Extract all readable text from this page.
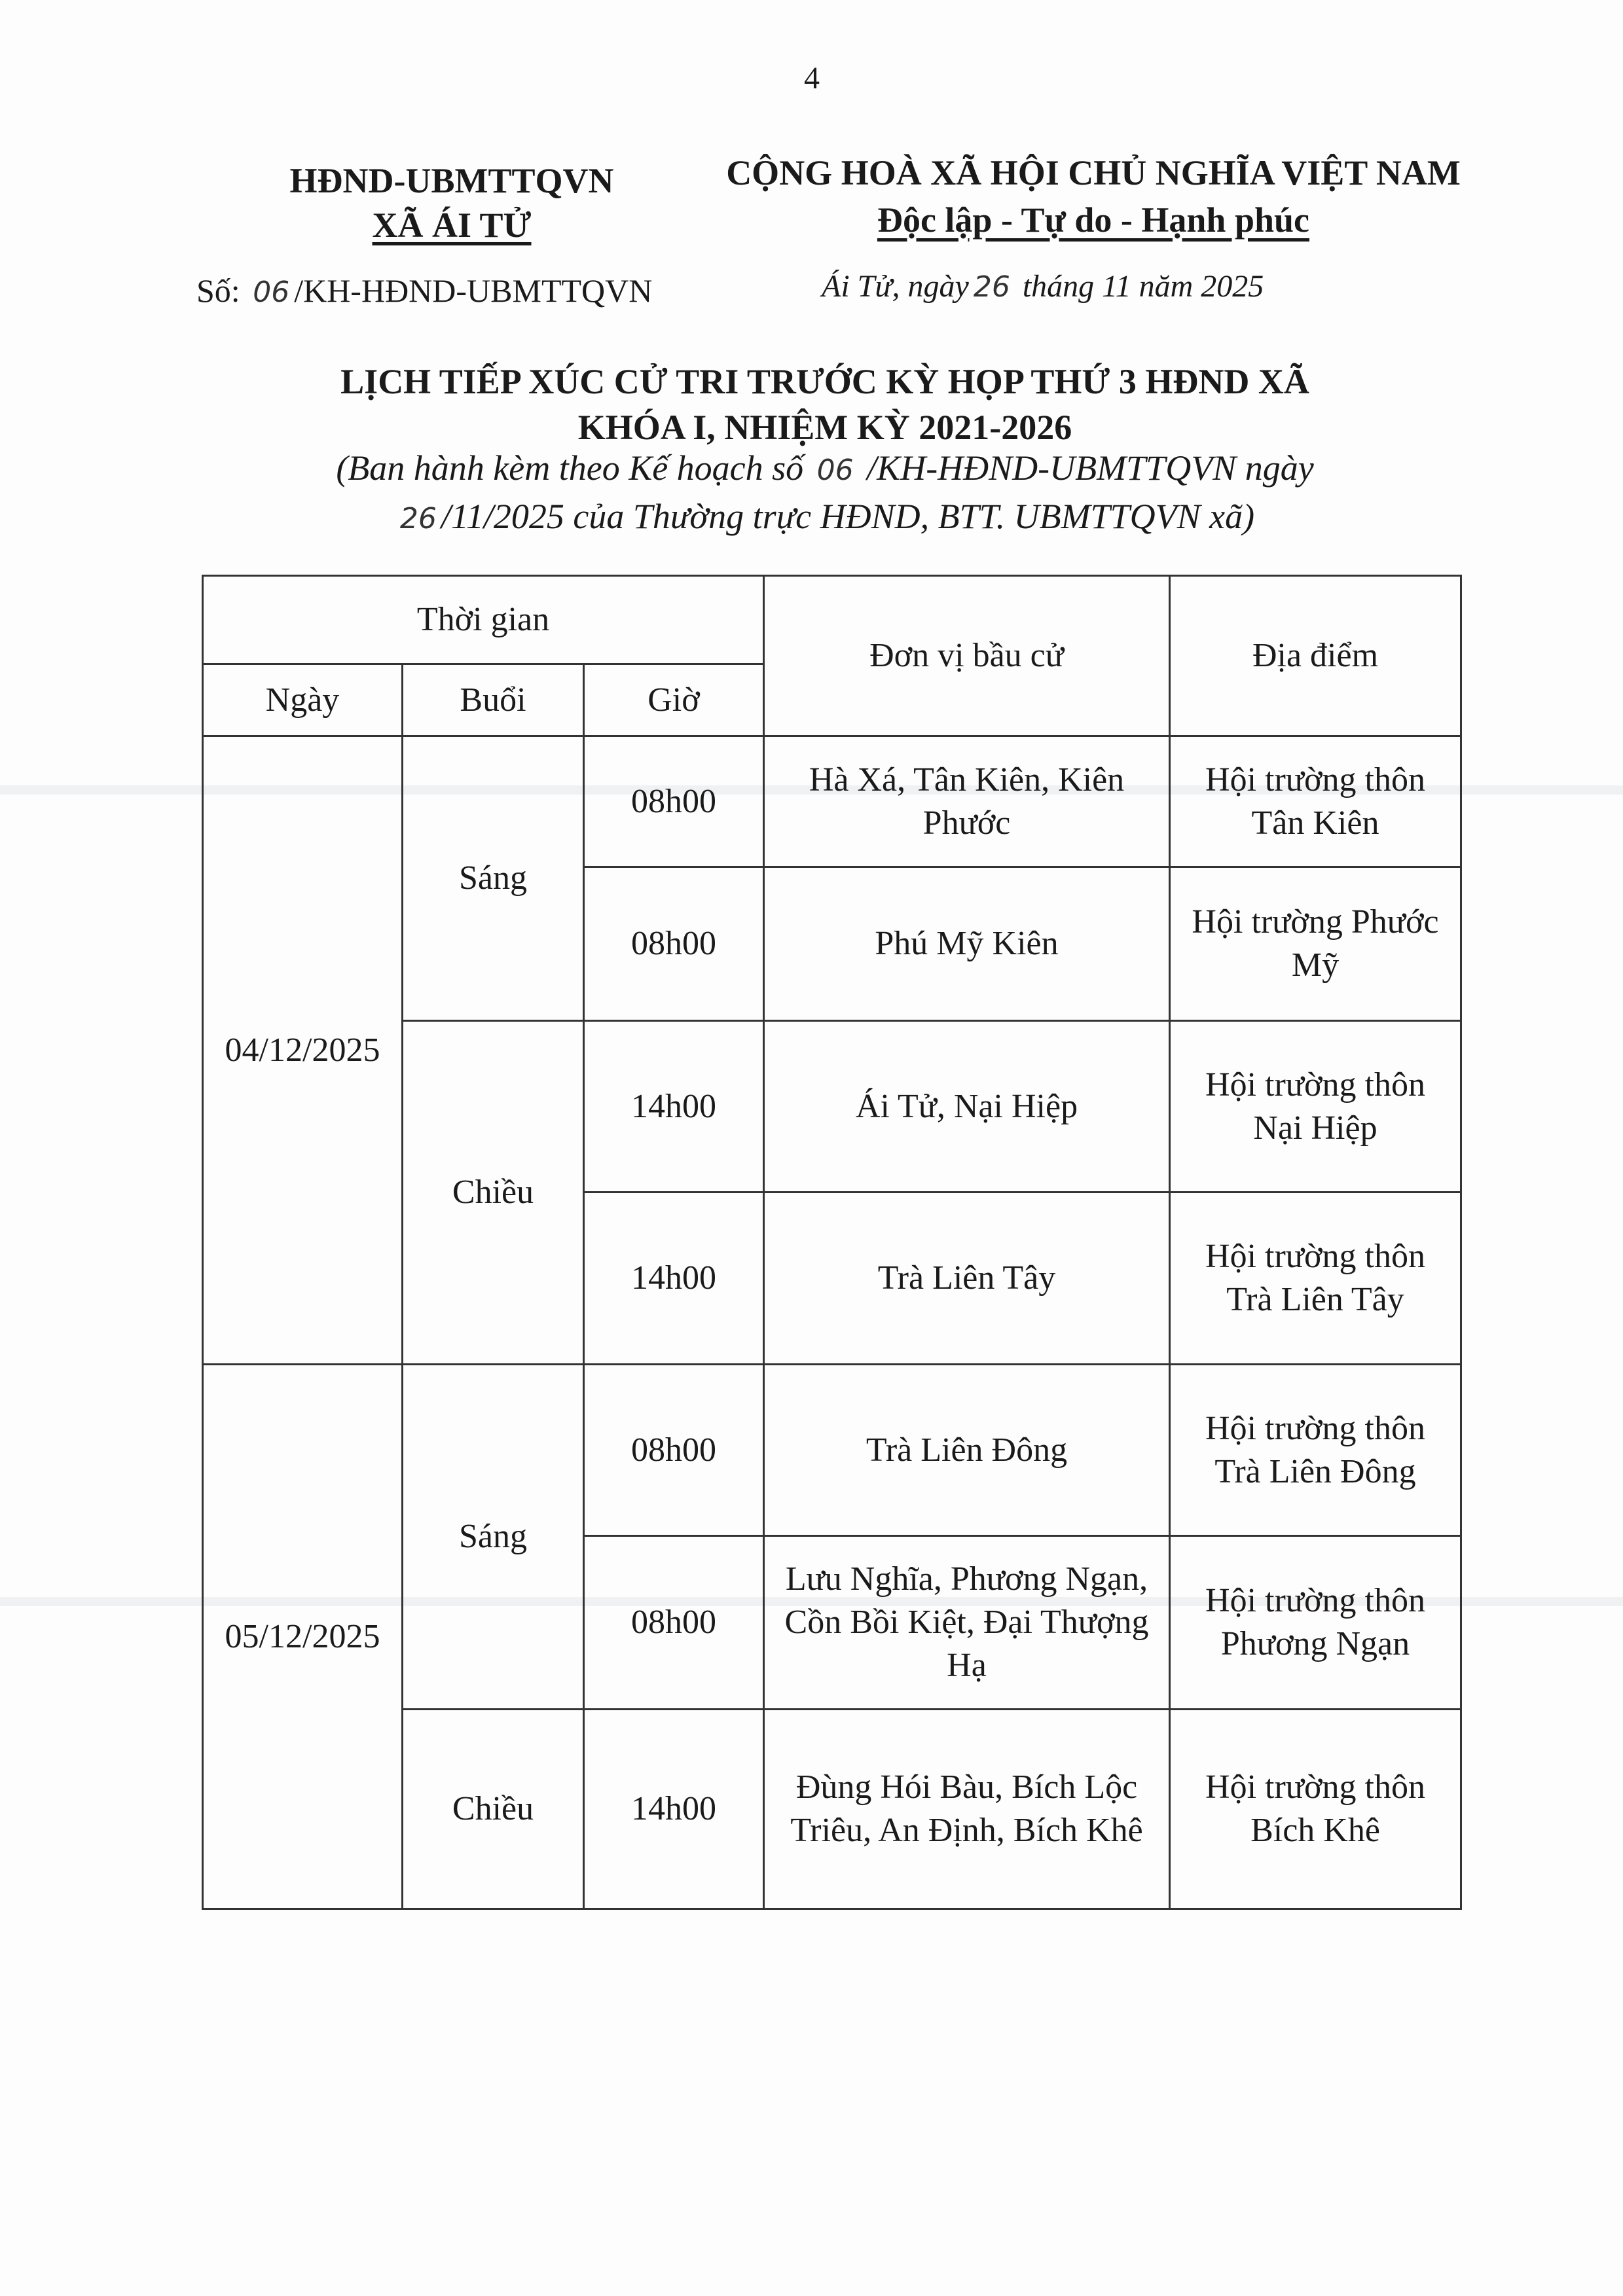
4
HĐND-UBMTTQVN
XÃ ÁI TỬ
CỘNG HOÀ XÃ HỘI CHỦ NGHĨA VIỆT NAM
Độc lập - Tự do - Hạnh phúc
Số: 06 /KH-HĐND-UBMTTQVN	Ái Tử, ngày 26 tháng 11 năm 2025
LỊCH TIẾP XÚC CỬ TRI TRƯỚC KỲ HỌP THỨ 3 HĐND XÃ
KHÓA I, NHIỆM KỲ 2021-2026
(Ban hành kèm theo Kế hoạch số 06 /KH-HĐND-UBMTTQVN ngày
26 /11/2025 của Thường trực HĐND, BTT. UBMTTQVN xã)
Thời gian			Đơn vị bầu cử	Địa điểm
Ngày	Buổi	Giờ		
04/12/2025	Sáng	08h00	Hà Xá, Tân Kiên, Kiên Phước	Hội trường thôn Tân Kiên
		08h00	Phú Mỹ Kiên	Hội trường Phước Mỹ
	Chiều	14h00	Ái Tử, Nại Hiệp	Hội trường thôn Nại Hiệp
		14h00	Trà Liên Tây	Hội trường thôn Trà Liên Tây
05/12/2025	Sáng	08h00	Trà Liên Đông	Hội trường thôn Trà Liên Đông
		08h00	Lưu Nghĩa, Phương Ngạn, Cồn Bồi Kiệt, Đại Thượng Hạ	Hội trường thôn Phương Ngạn
	Chiều	14h00	Đùng Hói Bàu, Bích Lộc Triêu, An Định, Bích Khê	Hội trường thôn Bích Khê
